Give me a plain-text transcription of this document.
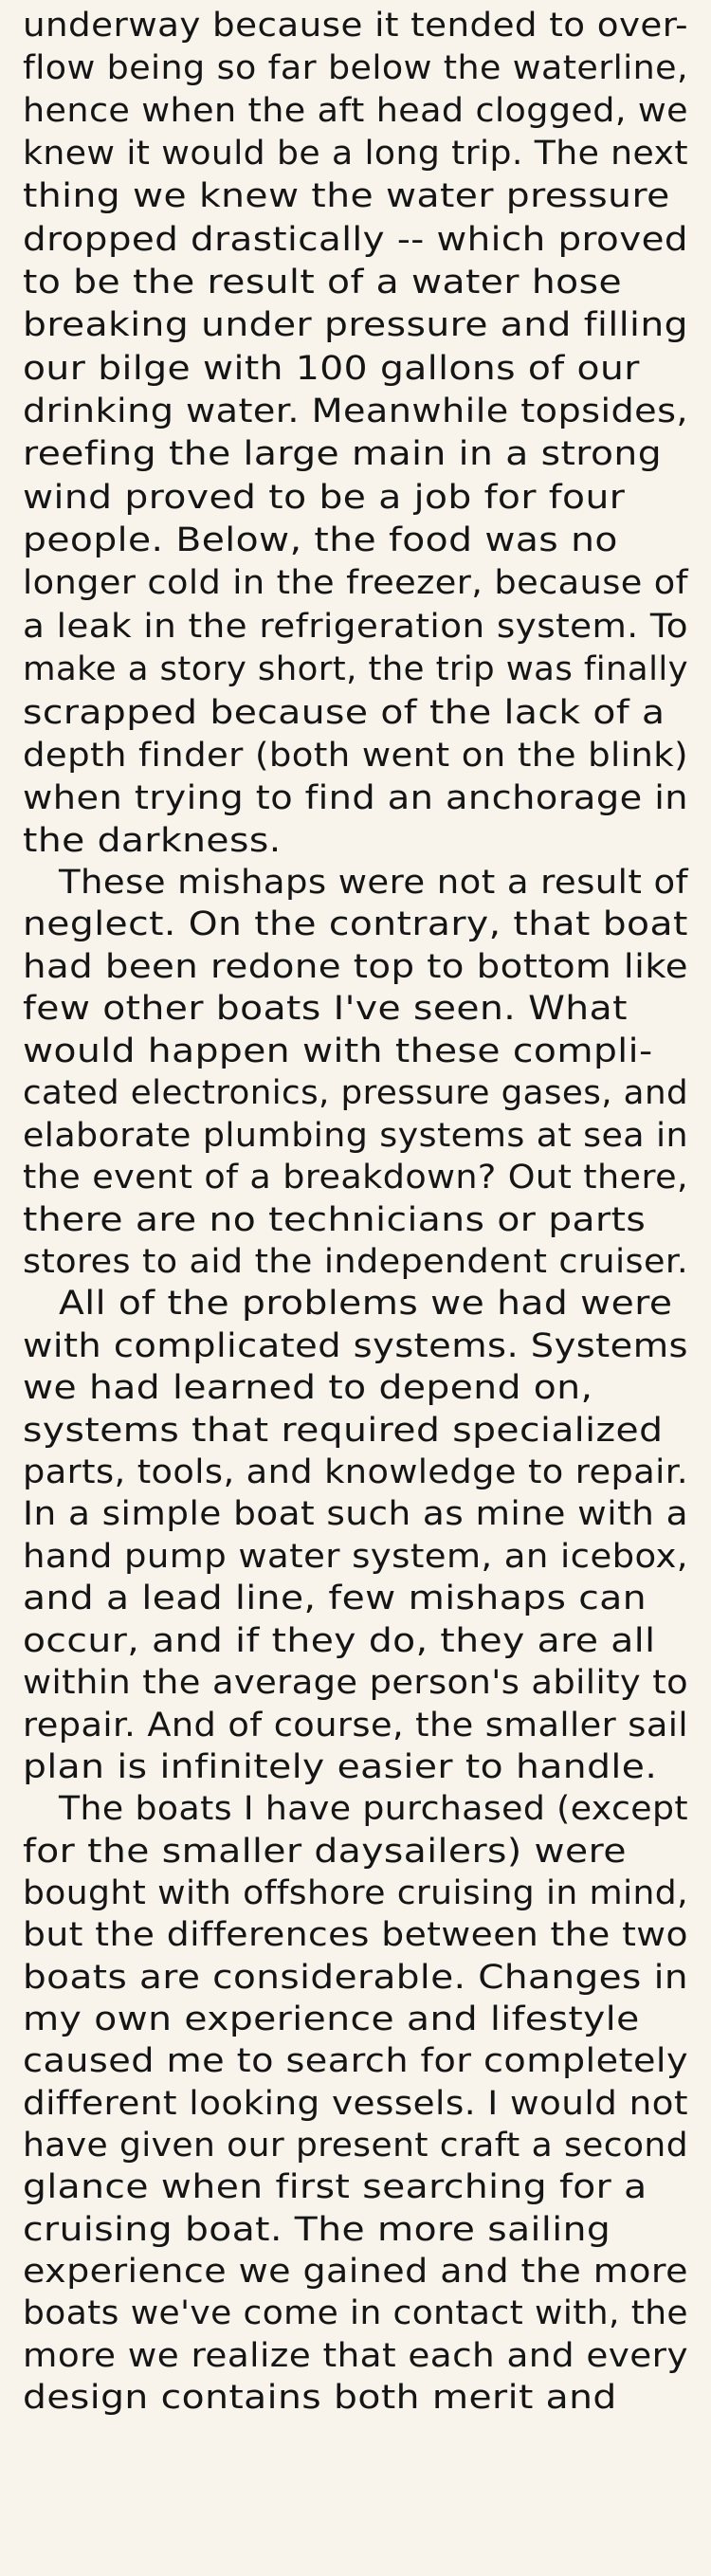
underway because it tended to over-
flow being so far below the waterline,
hence when the aft head clogged, we
knew it would be a long trip. The next
thing we knew the water pressure
dropped drastically -- which proved
to be the result of a water hose
breaking under pressure and filling
our bilge with 100 gallons of our
drinking water. Meanwhile topsides,
reefing the large main in a strong
wind proved to be a job for four
people. Below, the food was no
longer cold in the freezer, because of
a leak in the refrigeration system. To
make a story short, the trip was finally
scrapped because of the lack of a
depth finder (both went on the blink)
when trying to find an anchorage in
the darkness.
These mishaps were not a result of
neglect. On the contrary, that boat
had been redone top to bottom like
few other boats I've seen. What
would happen with these compli-
cated electronics, pressure gases, and
elaborate plumbing systems at sea in
the event of a breakdown? Out there,
there are no technicians or parts
stores to aid the independent cruiser.
All of the problems we had were
with complicated systems. Systems
we had learned to depend on,
systems that required specialized
parts, tools, and knowledge to repair.
In a simple boat such as mine with a
hand pump water system, an icebox,
and a lead line, few mishaps can
occur, and if they do, they are all
within the average person's ability to
repair. And of course, the smaller sail
plan is infinitely easier to handle.
The boats I have purchased (except
for the smaller daysailers) were
bought with offshore cruising in mind,
but the differences between the two
boats are considerable. Changes in
my own experience and lifestyle
caused me to search for completely
different looking vessels. I would not
have given our present craft a second
glance when first searching for a
cruising boat. The more sailing
experience we gained and the more
boats we've come in contact with, the
more we realize that each and every
design contains both merit and
